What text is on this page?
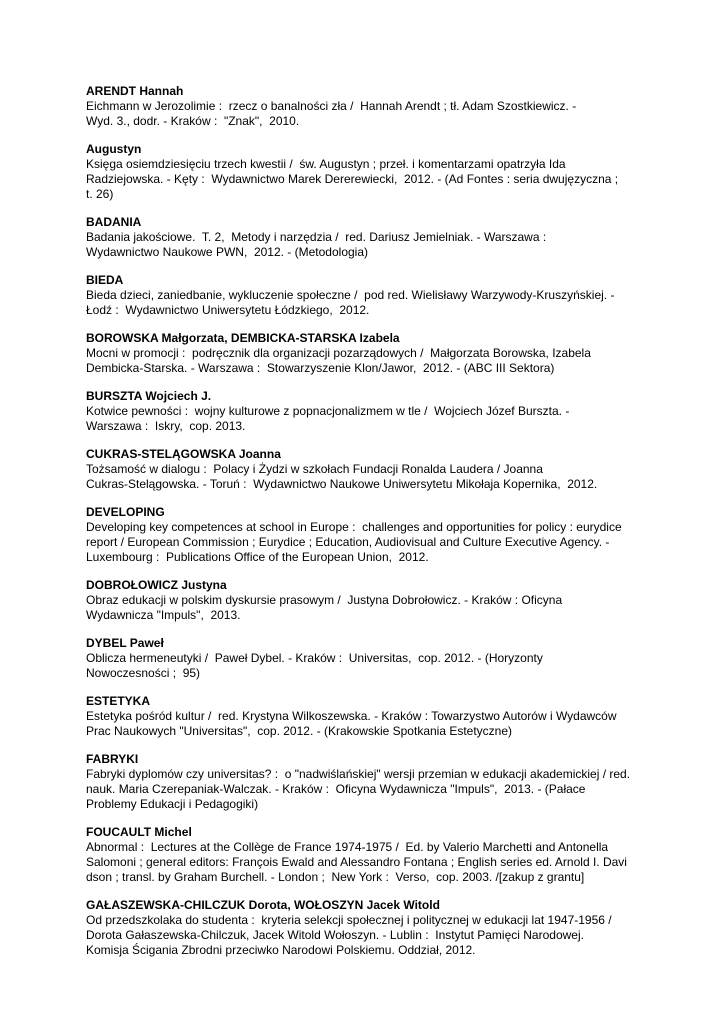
ARENDT Hannah
Eichmann w Jerozolimie :  rzecz o banalności zła /  Hannah Arendt ; tł. Adam Szostkiewicz. -
Wyd. 3., dodr. - Kraków :  "Znak",  2010.
Augustyn
Księga osiemdziesięciu trzech kwestii /  św. Augustyn ; przeł. i komentarzami opatrzyła Ida
Radziejowska. - Kęty :  Wydawnictwo Marek Dererewiecki,  2012. - (Ad Fontes : seria dwujęzyczna ;
t. 26)
BADANIA
Badania jakościowe.  T. 2,  Metody i narzędzia /  red. Dariusz Jemielniak. - Warszawa :
Wydawnictwo Naukowe PWN,  2012. - (Metodologia)
BIEDA
Bieda dzieci, zaniedbanie, wykluczenie społeczne /  pod red. Wielisławy Warzywody-Kruszyńskiej. -
Łodź :  Wydawnictwo Uniwersytetu Łódzkiego,  2012.
BOROWSKA Małgorzata, DEMBICKA-STARSKA Izabela
Mocni w promocji :  podręcznik dla organizacji pozarządowych /  Małgorzata Borowska, Izabela
Dembicka-Starska. - Warszawa :  Stowarzyszenie Klon/Jawor,  2012. - (ABC III Sektora)
BURSZTA Wojciech J.
Kotwice pewności :  wojny kulturowe z popnacjonalizmem w tle /  Wojciech Józef Burszta. -
Warszawa :  Iskry,  cop. 2013.
CUKRAS-STELĄGOWSKA Joanna
Tożsamość w dialogu :  Polacy i Żydzi w szkołach Fundacji Ronalda Laudera / Joanna
Cukras-Stelągowska. - Toruń :  Wydawnictwo Naukowe Uniwersytetu Mikołaja Kopernika,  2012.
DEVELOPING
Developing key competences at school in Europe :  challenges and opportunities for policy : eurydice
report / European Commission ; Eurydice ; Education, Audiovisual and Culture Executive Agency. -
Luxembourg :  Publications Office of the European Union,  2012.
DOBROŁOWICZ Justyna
Obraz edukacji w polskim dyskursie prasowym /  Justyna Dobrołowicz. - Kraków : Oficyna
Wydawnicza "Impuls",  2013.
DYBEL Paweł
Oblicza hermeneutyki /  Paweł Dybel. - Kraków :  Universitas,  cop. 2012. - (Horyzonty
Nowoczesności ;  95)
ESTETYKA
Estetyka pośród kultur /  red. Krystyna Wilkoszewska. - Kraków : Towarzystwo Autorów i Wydawców
Prac Naukowych "Universitas",  cop. 2012. - (Krakowskie Spotkania Estetyczne)
FABRYKI
Fabryki dyplomów czy universitas? :  o "nadwiślańskiej" wersji przemian w edukacji akademickiej / red.
nauk. Maria Czerepaniak-Walczak. - Kraków :  Oficyna Wydawnicza "Impuls",  2013. - (Pałace
Problemy Edukacji i Pedagogiki)
FOUCAULT Michel
Abnormal :  Lectures at the Collège de France 1974-1975 /  Ed. by Valerio Marchetti and Antonella
Salomoni ; general editors: François Ewald and Alessandro Fontana ; English series ed. Arnold I. Davi
dson ; transl. by Graham Burchell. - London ;  New York :  Verso,  cop. 2003. /[zakup z grantu]
GAŁASZEWSKA-CHILCZUK Dorota, WOŁOSZYN Jacek Witold
Od przedszkolaka do studenta :  kryteria selekcji społecznej i politycznej w edukacji lat 1947-1956 /
Dorota Gałaszewska-Chilczuk, Jacek Witold Wołoszyn. - Lublin :  Instytut Pamięci Narodowej.
Komisja Ścigania Zbrodni przeciwko Narodowi Polskiemu. Oddział, 2012.
